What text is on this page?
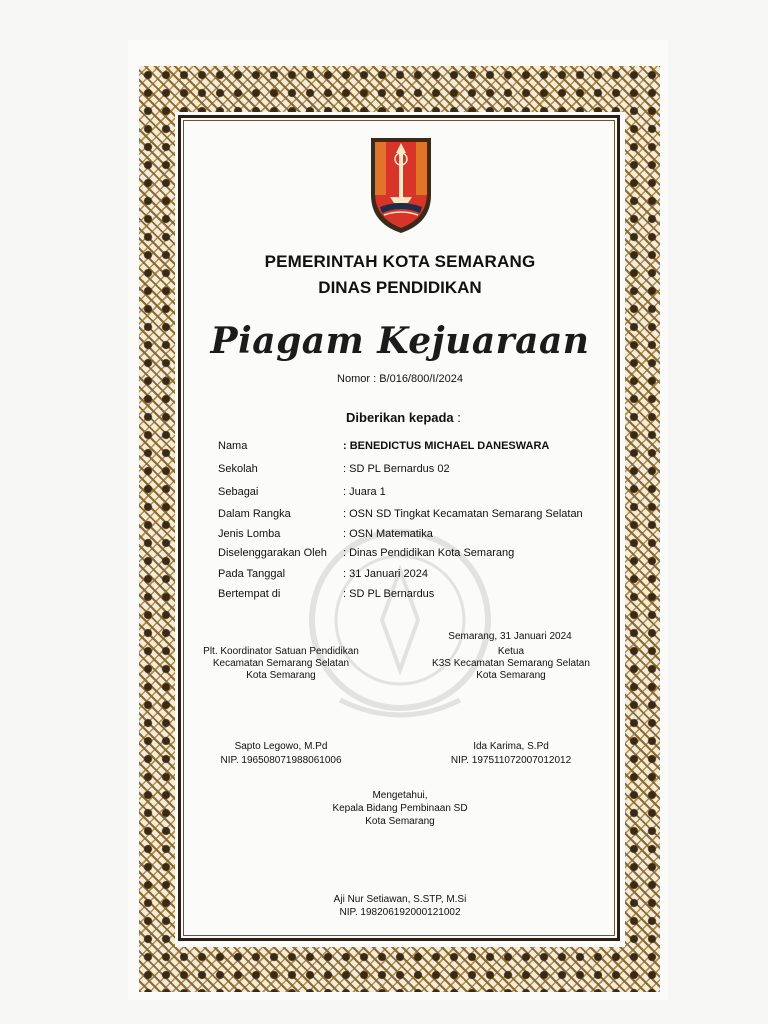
PEMERINTAH KOTA SEMARANG
DINAS PENDIDIKAN
Piagam Kejuaraan
Nomor : B/016/800/I/2024
Diberikan kepada :
Nama	: BENEDICTUS MICHAEL DANESWARA
Sekolah	: SD PL Bernardus 02
Sebagai	: Juara 1
Dalam Rangka	: OSN SD Tingkat Kecamatan Semarang Selatan
Jenis Lomba	: OSN Matematika
Diselenggarakan Oleh : Dinas Pendidikan Kota Semarang
Pada Tanggal	: 31 Januari 2024
Bertempat di	: SD PL Bernardus
Semarang, 31 Januari 2024
Plt. Koordinator Satuan Pendidikan
Kecamatan Semarang Selatan
Kota Semarang
Ketua
K3S Kecamatan Semarang Selatan
Kota Semarang
Sapto Legowo, M.Pd
NIP. 196508071988061006
Ida Karima, S.Pd
NIP. 197511072007012012
Mengetahui,
Kepala Bidang Pembinaan SD
Kota Semarang
Aji Nur Setiawan, S.STP, M.Si
NIP. 198206192000121002
